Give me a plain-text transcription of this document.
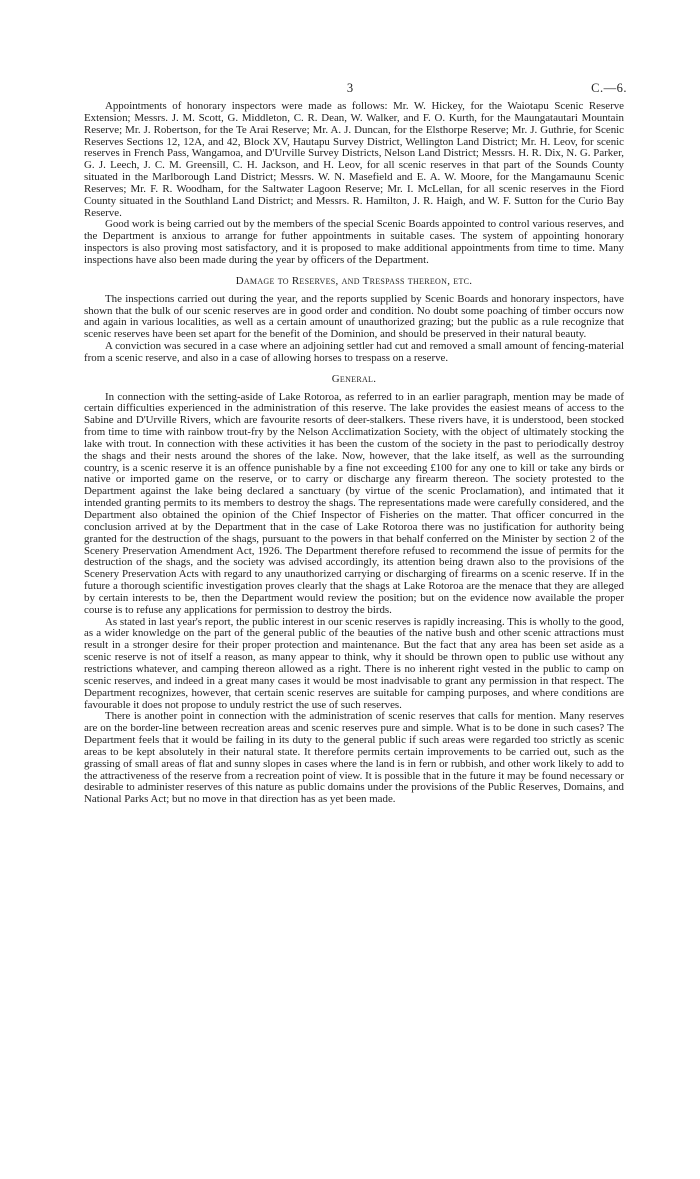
3	C.—6.

Appointments of honorary inspectors were made as follows: Mr. W. Hickey, for the Waiotapu Scenic Reserve Extension; Messrs. J. M. Scott, G. Middleton, C. R. Dean, W. Walker, and F. O. Kurth, for the Maungatautari Mountain Reserve; Mr. J. Robertson, for the Te Arai Reserve; Mr. A. J. Duncan, for the Elsthorpe Reserve; Mr. J. Guthrie, for Scenic Reserves Sections 12, 12A, and 42, Block XV, Hautapu Survey District, Wellington Land District; Mr. H. Leov, for scenic reserves in French Pass, Wangamoa, and D'Urville Survey Districts, Nelson Land District; Messrs. H. R. Dix, N. G. Parker, G. J. Leech, J. C. M. Greensill, C. H. Jackson, and H. Leov, for all scenic reserves in that part of the Sounds County situated in the Marlborough Land District; Messrs. W. N. Masefield and E. A. W. Moore, for the Mangamaunu Scenic Reserves; Mr. F. R. Woodham, for the Saltwater Lagoon Reserve; Mr. I. McLellan, for all scenic reserves in the Fiord County situated in the Southland Land District; and Messrs. R. Hamilton, J. R. Haigh, and W. F. Sutton for the Curio Bay Reserve.

Good work is being carried out by the members of the special Scenic Boards appointed to control various reserves, and the Department is anxious to arrange for futher appointments in suitable cases. The system of appointing honorary inspectors is also proving most satisfactory, and it is proposed to make additional appointments from time to time. Many inspections have also been made during the year by officers of the Department.

Damage to Reserves, and Trespass thereon, etc.

The inspections carried out during the year, and the reports supplied by Scenic Boards and honorary inspectors, have shown that the bulk of our scenic reserves are in good order and condition. No doubt some poaching of timber occurs now and again in various localities, as well as a certain amount of unauthorized grazing; but the public as a rule recognize that scenic reserves have been set apart for the benefit of the Dominion, and should be preserved in their natural beauty.

A conviction was secured in a case where an adjoining settler had cut and removed a small amount of fencing-material from a scenic reserve, and also in a case of allowing horses to trespass on a reserve.

General.

In connection with the setting-aside of Lake Rotoroa, as referred to in an earlier paragraph, mention may be made of certain difficulties experienced in the administration of this reserve. The lake provides the easiest means of access to the Sabine and D'Urville Rivers, which are favourite resorts of deer-stalkers. These rivers have, it is understood, been stocked from time to time with rainbow trout-fry by the Nelson Acclimatization Society, with the object of ultimately stocking the lake with trout. In connection with these activities it has been the custom of the society in the past to periodically destroy the shags and their nests around the shores of the lake. Now, however, that the lake itself, as well as the surrounding country, is a scenic reserve it is an offence punishable by a fine not exceeding £100 for any one to kill or take any birds or native or imported game on the reserve, or to carry or discharge any firearm thereon. The society protested to the Department against the lake being declared a sanctuary (by virtue of the scenic Proclamation), and intimated that it intended granting permits to its members to destroy the shags. The representations made were carefully considered, and the Department also obtained the opinion of the Chief Inspector of Fisheries on the matter. That officer concurred in the conclusion arrived at by the Department that in the case of Lake Rotoroa there was no justification for authority being granted for the destruction of the shags, pursuant to the powers in that behalf conferred on the Minister by section 2 of the Scenery Preservation Amendment Act, 1926. The Department therefore refused to recommend the issue of permits for the destruction of the shags, and the society was advised accordingly, its attention being drawn also to the provisions of the Scenery Preservation Acts with regard to any unauthorized carrying or discharging of firearms on a scenic reserve. If in the future a thorough scientific investigation proves clearly that the shags at Lake Rotoroa are the menace that they are alleged by certain interests to be, then the Department would review the position; but on the evidence now available the proper course is to refuse any applications for permission to destroy the birds.

As stated in last year's report, the public interest in our scenic reserves is rapidly increasing. This is wholly to the good, as a wider knowledge on the part of the general public of the beauties of the native bush and other scenic attractions must result in a stronger desire for their proper protection and maintenance. But the fact that any area has been set aside as a scenic reserve is not of itself a reason, as many appear to think, why it should be thrown open to public use without any restrictions whatever, and camping thereon allowed as a right. There is no inherent right vested in the public to camp on scenic reserves, and indeed in a great many cases it would be most inadvisable to grant any permission in that respect. The Department recognizes, however, that certain scenic reserves are suitable for camping purposes, and where conditions are favourable it does not propose to unduly restrict the use of such reserves.

There is another point in connection with the administration of scenic reserves that calls for mention. Many reserves are on the border-line between recreation areas and scenic reserves pure and simple. What is to be done in such cases? The Department feels that it would be failing in its duty to the general public if such areas were regarded too strictly as scenic areas to be kept absolutely in their natural state. It therefore permits certain improvements to be carried out, such as the grassing of small areas of flat and sunny slopes in cases where the land is in fern or rubbish, and other work likely to add to the attractiveness of the reserve from a recreation point of view. It is possible that in the future it may be found necessary or desirable to administer reserves of this nature as public domains under the provisions of the Public Reserves, Domains, and National Parks Act; but no move in that direction has as yet been made.
